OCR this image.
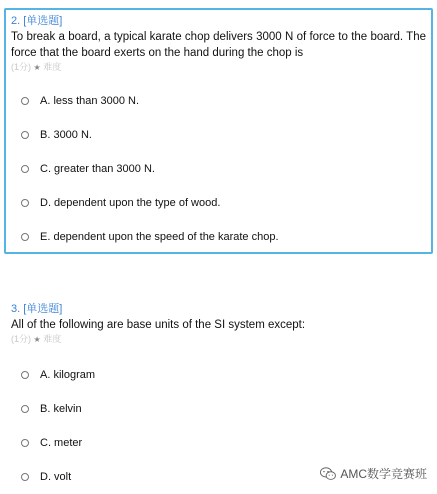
2. [单选题]

To break a board, a typical karate chop delivers 3000 N of force to the board. The force that the board exerts on the hand during the chop is

(1分) ★ 难度

A. less than 3000 N.
B. 3000 N.
C. greater than 3000 N.
D. dependent upon the type of wood.
E. dependent upon the speed of the karate chop.

3. [单选题]

All of the following are base units of the SI system except:

(1分) ★ 难度

A. kilogram
B. kelvin
C. meter
D. volt	AMC数学竞赛班
